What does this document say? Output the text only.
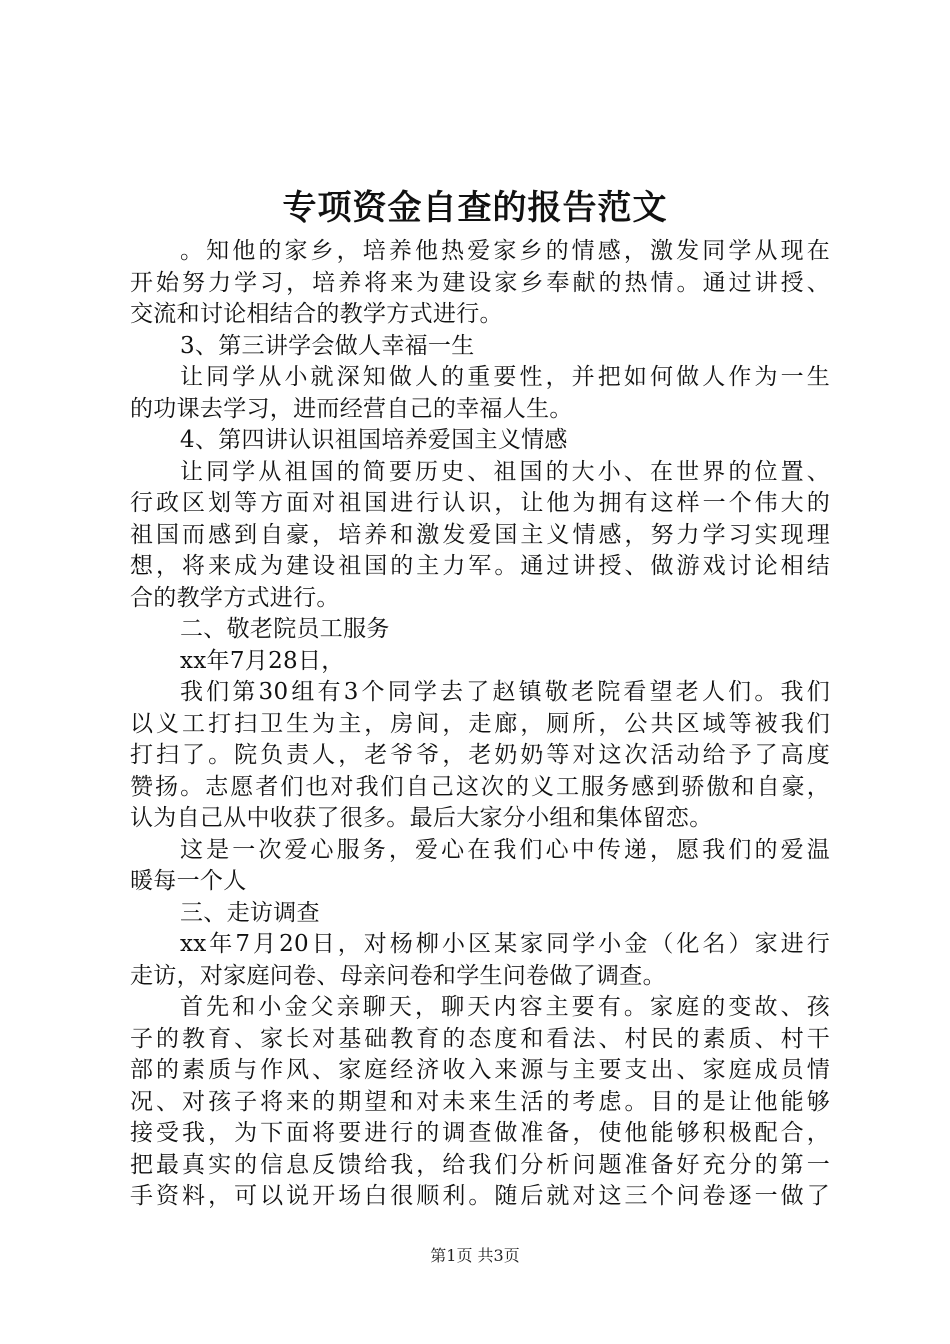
专项资金自查的报告范文
。知他的家乡，培养他热爱家乡的情感，激发同学从现在
开始努力学习，培养将来为建设家乡奉献的热情。通过讲授、
交流和讨论相结合的教学方式进行。
3、第三讲学会做人幸福一生
让同学从小就深知做人的重要性，并把如何做人作为一生
的功课去学习，进而经营自己的幸福人生。
4、第四讲认识祖国培养爱国主义情感
让同学从祖国的简要历史、祖国的大小、在世界的位置、
行政区划等方面对祖国进行认识，让他为拥有这样一个伟大的
祖国而感到自豪，培养和激发爱国主义情感，努力学习实现理
想，将来成为建设祖国的主力军。通过讲授、做游戏讨论相结
合的教学方式进行。
二、敬老院员工服务
xx年7月28日，
我们第30组有3个同学去了赵镇敬老院看望老人们。我们
以义工打扫卫生为主，房间，走廊，厕所，公共区域等被我们
打扫了。院负责人，老爷爷，老奶奶等对这次活动给予了高度
赞扬。志愿者们也对我们自己这次的义工服务感到骄傲和自豪，
认为自己从中收获了很多。最后大家分小组和集体留恋。
这是一次爱心服务，爱心在我们心中传递，愿我们的爱温
暖每一个人
三、走访调查
xx年7月20日，对杨柳小区某家同学小金（化名）家进行
走访，对家庭问卷、母亲问卷和学生问卷做了调查。
首先和小金父亲聊天，聊天内容主要有。家庭的变故、孩
子的教育、家长对基础教育的态度和看法、村民的素质、村干
部的素质与作风、家庭经济收入来源与主要支出、家庭成员情
况、对孩子将来的期望和对未来生活的考虑。目的是让他能够
接受我，为下面将要进行的调查做准备，使他能够积极配合，
把最真实的信息反馈给我，给我们分析问题准备好充分的第一
手资料，可以说开场白很顺利。随后就对这三个问卷逐一做了
第1页 共3页
